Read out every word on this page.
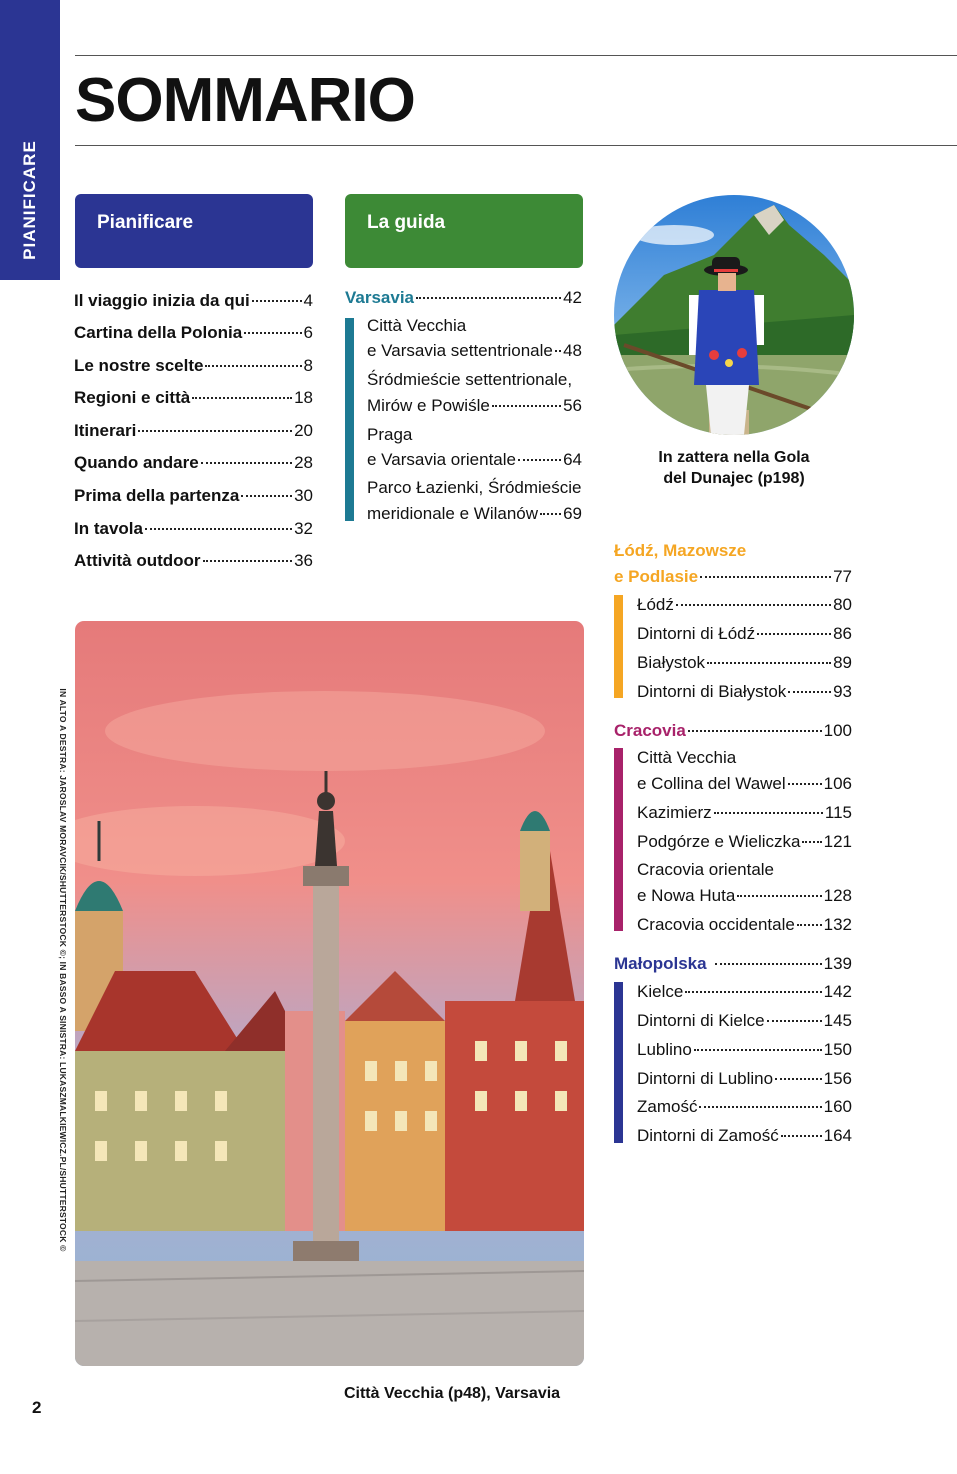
PIANIFICARE
SOMMARIO
Pianificare	La guida
Il viaggio inizia da qui	4
Cartina della Polonia	6
Le nostre scelte	8
Regioni e città	18
Itinerari	20
Quando andare	28
Prima della partenza	30
In tavola	32
Attività outdoor	36
Varsavia	42
Città Vecchia
e Varsavia settentrionale 48
Śródmieście settentrionale,
Mirów e Powiśle	56
Praga
e Varsavia orientale	64
Parco Łazienki, Śródmieście
meridionale e Wilanów 69
In zattera nella Gola
del Dunajec (p198)
Łódź, Mazowsze
e Podlasie	77
Łódź	80
Dintorni di Łódź	86
Białystok	89
Dintorni di Białystok	93
Cracovia	100
Città Vecchia
e Collina del Wawel 106
Kazimierz	115
Podgórze e Wieliczka 121
Cracovia orientale
e Nowa Huta	128
Cracovia occidentale 132
Małopolska	139
Kielce	142
Dintorni di Kielce	145
Lublino	150
Dintorni di Lublino	156
Zamość	160
Dintorni di Zamość	164
Città Vecchia (p48), Varsavia
IN ALTO A DESTRA: JAROSLAV MORAVCIK/SHUTTERSTOCK ©; IN BASSO A SINISTRA: LUKASZMALKIEWICZ.PL/SHUTTERSTOCK ©
2
